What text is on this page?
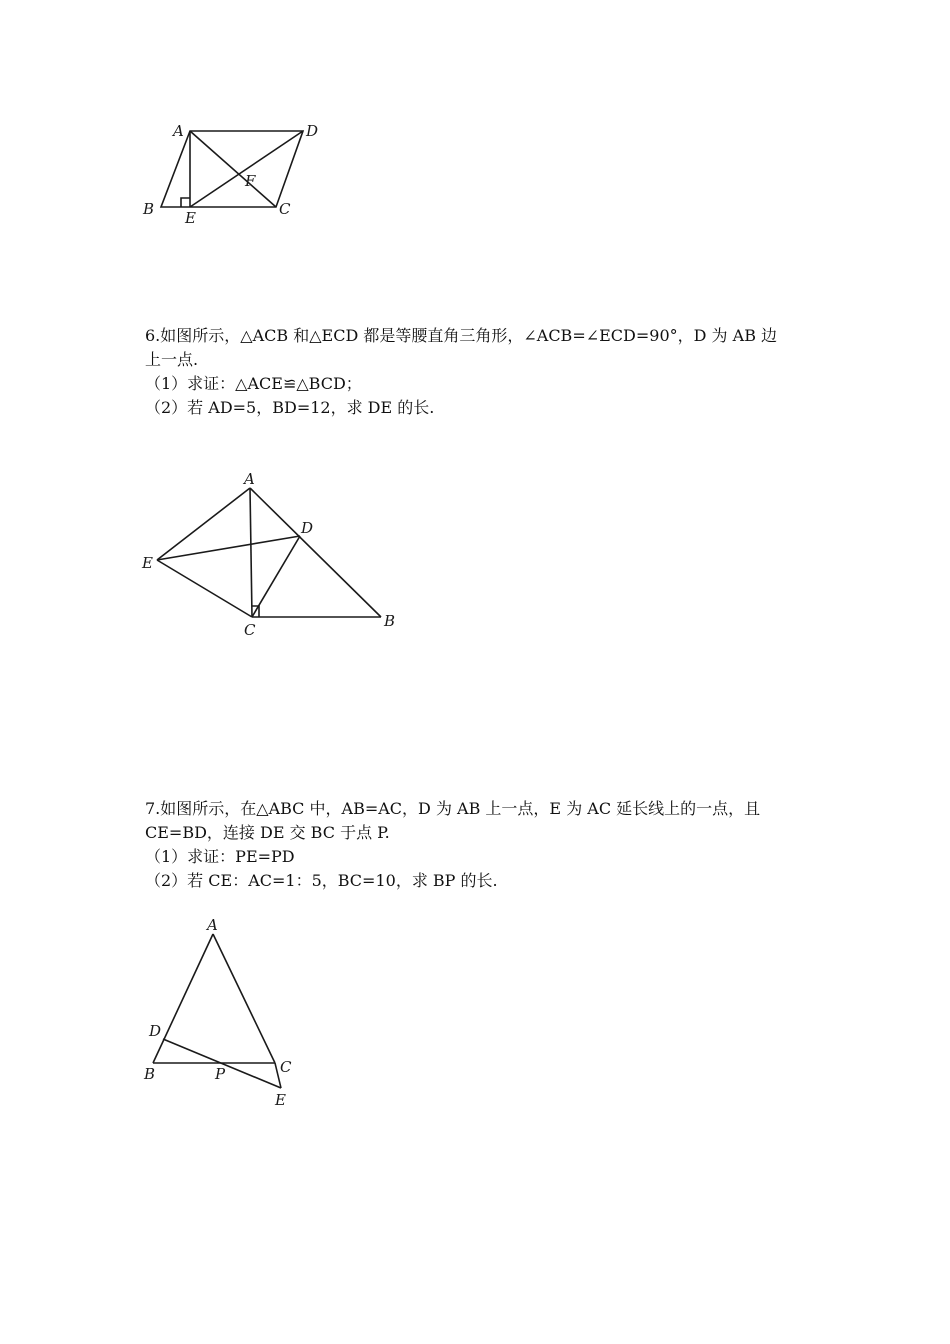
A	D
F
B E	C

6.如图所示，△ACB 和△ECD 都是等腰直角三角形，∠ACB=∠ECD=90°，D 为 AB 边

上一点.

（1）求证：△ACE≌△BCD；

（2）若 AD=5，BD=12，求 DE 的长.

A
D
E
C	B

7.如图所示，在△ABC 中，AB=AC，D 为 AB 上一点，E 为 AC 延长线上的一点，且

CE=BD，连接 DE 交 BC 于点 P.

（1）求证：PE=PD

（2）若 CE：AC=1：5，BC=10，求 BP 的长.

A
D
B	P	C
E
